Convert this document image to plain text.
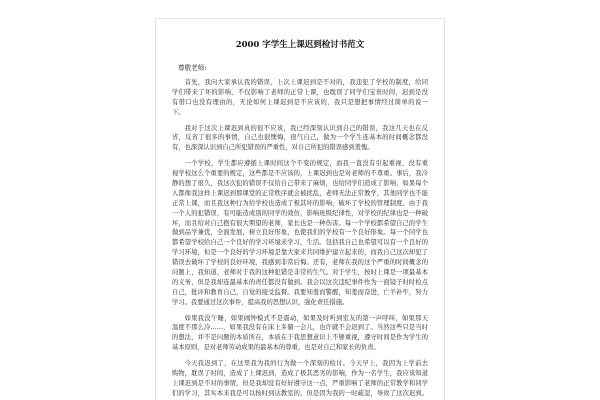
2000 字学生上课迟到检讨书范文
尊敬老师:
首先，我向大家承认我的错误，上次上课迟到是不对的，我违犯了学校的制度，给同
学们带来了坏的影响，不仅影响了老师的正常上课，也耽误了同学们宝贵时间，迟到是没
有借口也没有理由的，无论如何上课迟到是不应该的，我只是想把事情经过简单的说一
下。
我对于这次上课迟到真的很不应该，我已经深刻认识到自己的错误，我这几天也在反
省，反省了很多的事情，自己也很懊悔，很气自己，做为一个学生连基本的时间概念都没
有，也深深认识到自己所犯错误的严重性，对自己所犯的错误感到羞愧。
一个学校，学生都应遵循上课时间这个不变的规定，而我一直没有引起重视，没有重
视学校这么个重要的规定，这些都是不应该的，上课迟到也是对老师的不尊重。事后，我冷
静的想了很久，我这次犯的错误不仅给自己带来了麻烦，也给同学们造成了影响，如果每个
人都像我这样上课迟到那课堂的正常秩序就会被扰乱，老师无法正常教学，其他同学也不能
正常上课，而且我这种行为给学校也造成了极其坏的影响，破坏了学校的管理制度。由于我
一个人的犯错误，有可能造成别的同学的效仿，影响班级纪律性，对学校的纪律也是一种破
坏，而且给对自己抱有很大期望的老师，家长也是一种伤害。每一个学校都希望自己的学生
做到品学兼优，全面发展，树立良好形象，也使我们的学校有一个良好形象。每一个同学也
都希望学校给自己一个良好的学习环境来学习，生活。包括我自己也希望可以有一个良好的
学习环境，但是一个良好的学习环境是靠大家来共同维护建立起来的，而我自己这次却犯了
错误去破坏了学校的良好环境，我感到非常后悔。还有，老师在我的这个严重的时间概念的
问题上，我知道，老师对于我的这种犯错是非常的生气。对于学生，按时上课是一项最基本
的义务，但是我却连最基本的责任都没有做到。我会以这次违纪事件作为一面镜子时时检点
自己，批评和教育自己，自觉的接受监督。我要知羞而警醒，知羞而奋进，亡羊补牢，努力
学习。我要通过这次事件，提高我的思想认识，强化责任措施。
如果我没午睡，如果闹钟模式不是震动，如果及时听到室友的第一声呼叫，如果那天
温度不那么冷……，如果我没有在床上多躺一会儿，也许就不会迟到了。当然这些只是当时
的想法，并不是问题的本质所在，本质在于我思想意识上不够重视，遵守时间是作为学生的
基本原则，是对老师劳动成果的最基本的尊重，也是对自己和家长的负责。
今天我迟到了，在这里我为我的行为做一个深刻的检讨。今天早上，我因为上学前去
购物，耽误了时间，造成了上课迟到，造成了极其恶劣的影响，作为一名学生，我应该知道
上课迟到是不对的事情，但是我却没有好好遵守这一点，严重影响了老师的正常教学和同学
们的学习，其实本来我是可以按时到达教室的，但是因为我的一时疏忽，导致了这次迟到。
